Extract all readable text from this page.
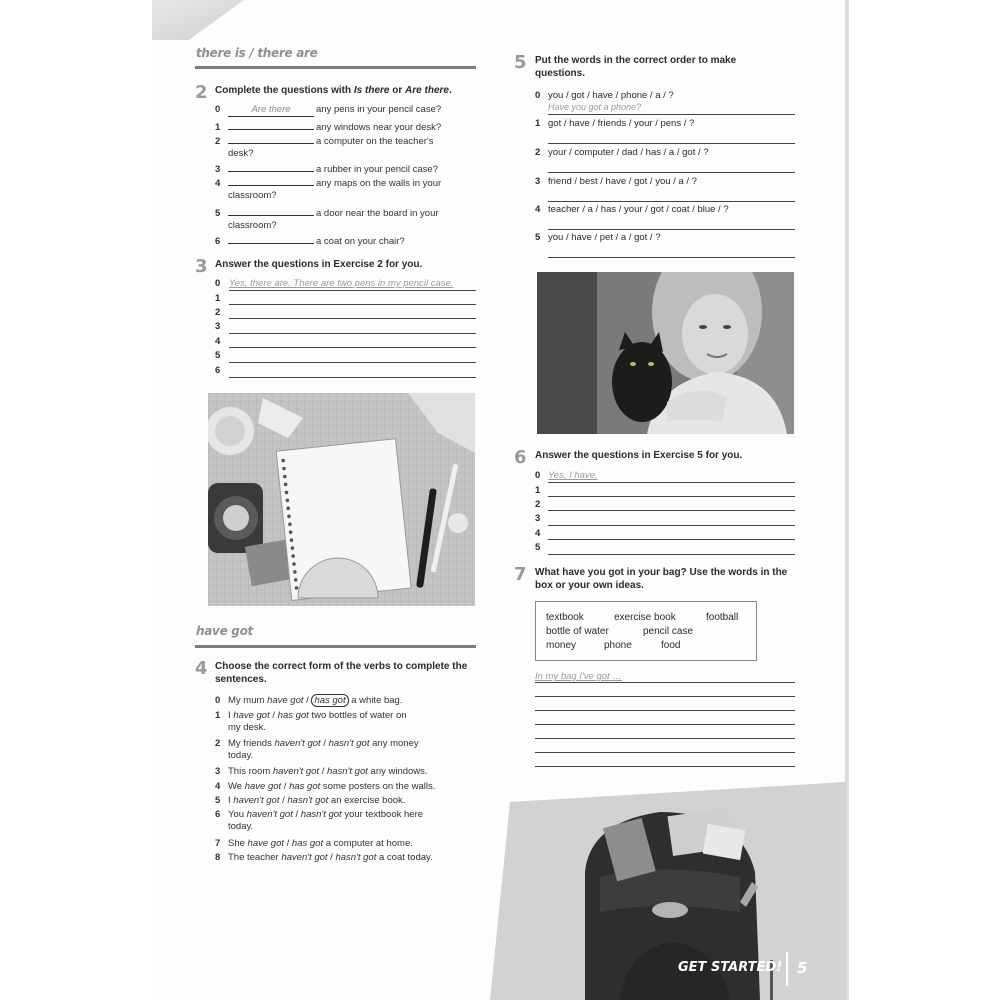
there is / there are
2 Complete the questions with Is there or Are there.
0	Are there	any pens in your pencil case?
1	any windows near your desk?
2	a computer on the teacher's
desk?
3	a rubber in your pencil case?
4	any maps on the walls in your
classroom?
5	a door near the board in your
classroom?
6	a coat on your chair?
3 Answer the questions in Exercise 2 for you.
0 Yes, there are. There are two pens in my pencil case.
1
2
3
4
5
6
have got
4 Choose the correct form of the verbs to complete the sentences.
0 My mum have got / has got a white bag.
1 I have got / has got two bottles of water on
my desk.
2 My friends haven't got / hasn't got any money
today.
3 This room haven't got / hasn't got any windows.
4 We have got / has got some posters on the walls.
5 I haven't got / hasn't got an exercise book.
6 You haven't got / hasn't got your textbook here
today.
7 She have got / has got a computer at home.
8 The teacher haven't got / hasn't got a coat today.
5 Put the words in the correct order to make questions.
0 you / got / have / phone / a / ?
Have you got a phone?
1 got / have / friends / your / pens / ?
2 your / computer / dad / has / a / got / ?
3 friend / best / have / got / you / a / ?
4 teacher / a / has / your / got / coat / blue / ?
5 you / have / pet / a / got / ?
6 Answer the questions in Exercise 5 for you.
0 Yes, I have.
1
2
3
4
5
7 What have you got in your bag? Use the words in the box or your own ideas.
textbook	exercise book	football
bottle of water	pencil case
money	phone	food
In my bag I've got …
GET STARTED! 5
